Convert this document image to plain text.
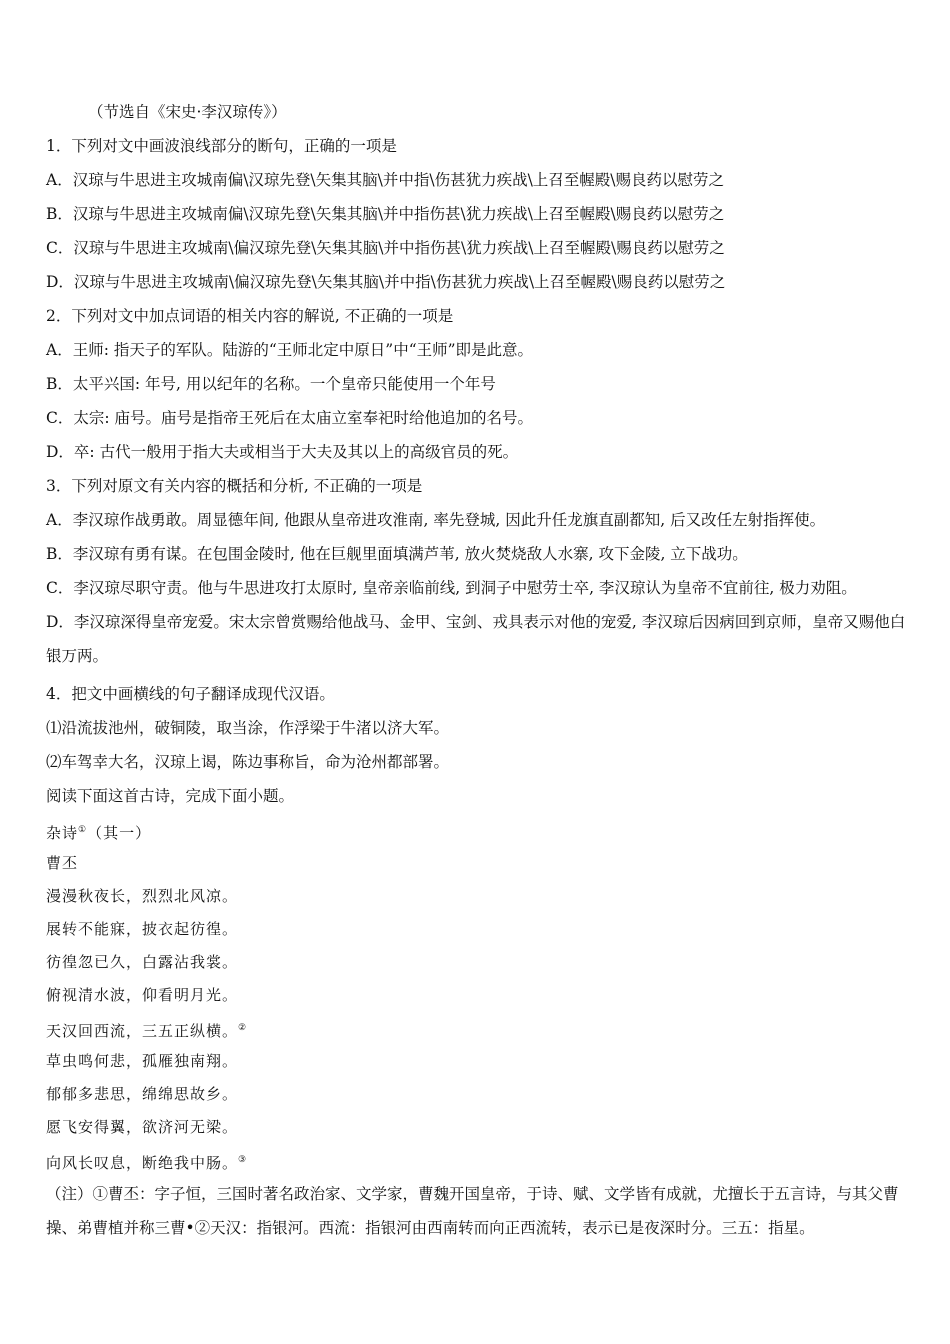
（节选自《宋史·李汉琼传》）
1．下列对文中画波浪线部分的断句，正确的一项是
A．汉琼与牛思进主攻城南偏\汉琼先登\矢集其脑\并中指\伤甚犹力疾战\上召至幄殿\赐良药以慰劳之
B．汉琼与牛思进主攻城南偏\汉琼先登\矢集其脑\并中指伤甚\犹力疾战\上召至幄殿\赐良药以慰劳之
C．汉琼与牛思进主攻城南\偏汉琼先登\矢集其脑\并中指伤甚\犹力疾战\上召至幄殿\赐良药以慰劳之
D．汉琼与牛思进主攻城南\偏汉琼先登\矢集其脑\并中指\伤甚犹力疾战\上召至幄殿\赐良药以慰劳之
2．下列对文中加点词语的相关内容的解说, 不正确的一项是
A．王师: 指天子的军队。陆游的“王师北定中原日”中“王师”即是此意。
B．太平兴国: 年号, 用以纪年的名称。一个皇帝只能使用一个年号
C．太宗: 庙号。庙号是指帝王死后在太庙立室奉祀时给他追加的名号。
D．卒: 古代一般用于指大夫或相当于大夫及其以上的高级官员的死。
3．下列对原文有关内容的概括和分析, 不正确的一项是
A．李汉琼作战勇敢。周显德年间, 他跟从皇帝进攻淮南, 率先登城, 因此升任龙旗直副都知, 后又改任左射指挥使。
B．李汉琼有勇有谋。在包围金陵时, 他在巨舰里面填满芦苇, 放火焚烧敌人水寨, 攻下金陵, 立下战功。
C．李汉琼尽职守责。他与牛思进攻打太原时, 皇帝亲临前线, 到洞子中慰劳士卒, 李汉琼认为皇帝不宜前往, 极力劝阻。
D．李汉琼深得皇帝宠爱。宋太宗曾赏赐给他战马、金甲、宝剑、戎具表示对他的宠爱, 李汉琼后因病回到京师，皇帝又赐他白银万两。
4．把文中画横线的句子翻译成现代汉语。
⑴沿流拔池州，破铜陵，取当涂，作浮梁于牛渚以济大军。
⑵车驾幸大名，汉琼上谒，陈边事称旨，命为沧州都部署。
阅读下面这首古诗，完成下面小题。
杂诗①（其一）
曹丕
漫漫秋夜长，烈烈北风凉。
展转不能寐，披衣起彷徨。
彷徨忽已久，白露沾我裳。
俯视清水波，仰看明月光。
天汉回西流，三五正纵横。②
草虫鸣何悲，孤雁独南翔。
郁郁多悲思，绵绵思故乡。
愿飞安得翼，欲济河无梁。
向风长叹息，断绝我中肠。③
（注）①曹丕：字子恒，三国时著名政治家、文学家，曹魏开国皇帝，于诗、赋、文学皆有成就，尤擅长于五言诗，与其父曹操、弟曹植并称三曹•②天汉：指银河。西流：指银河由西南转而向正西流转，表示已是夜深时分。三五：指星。
